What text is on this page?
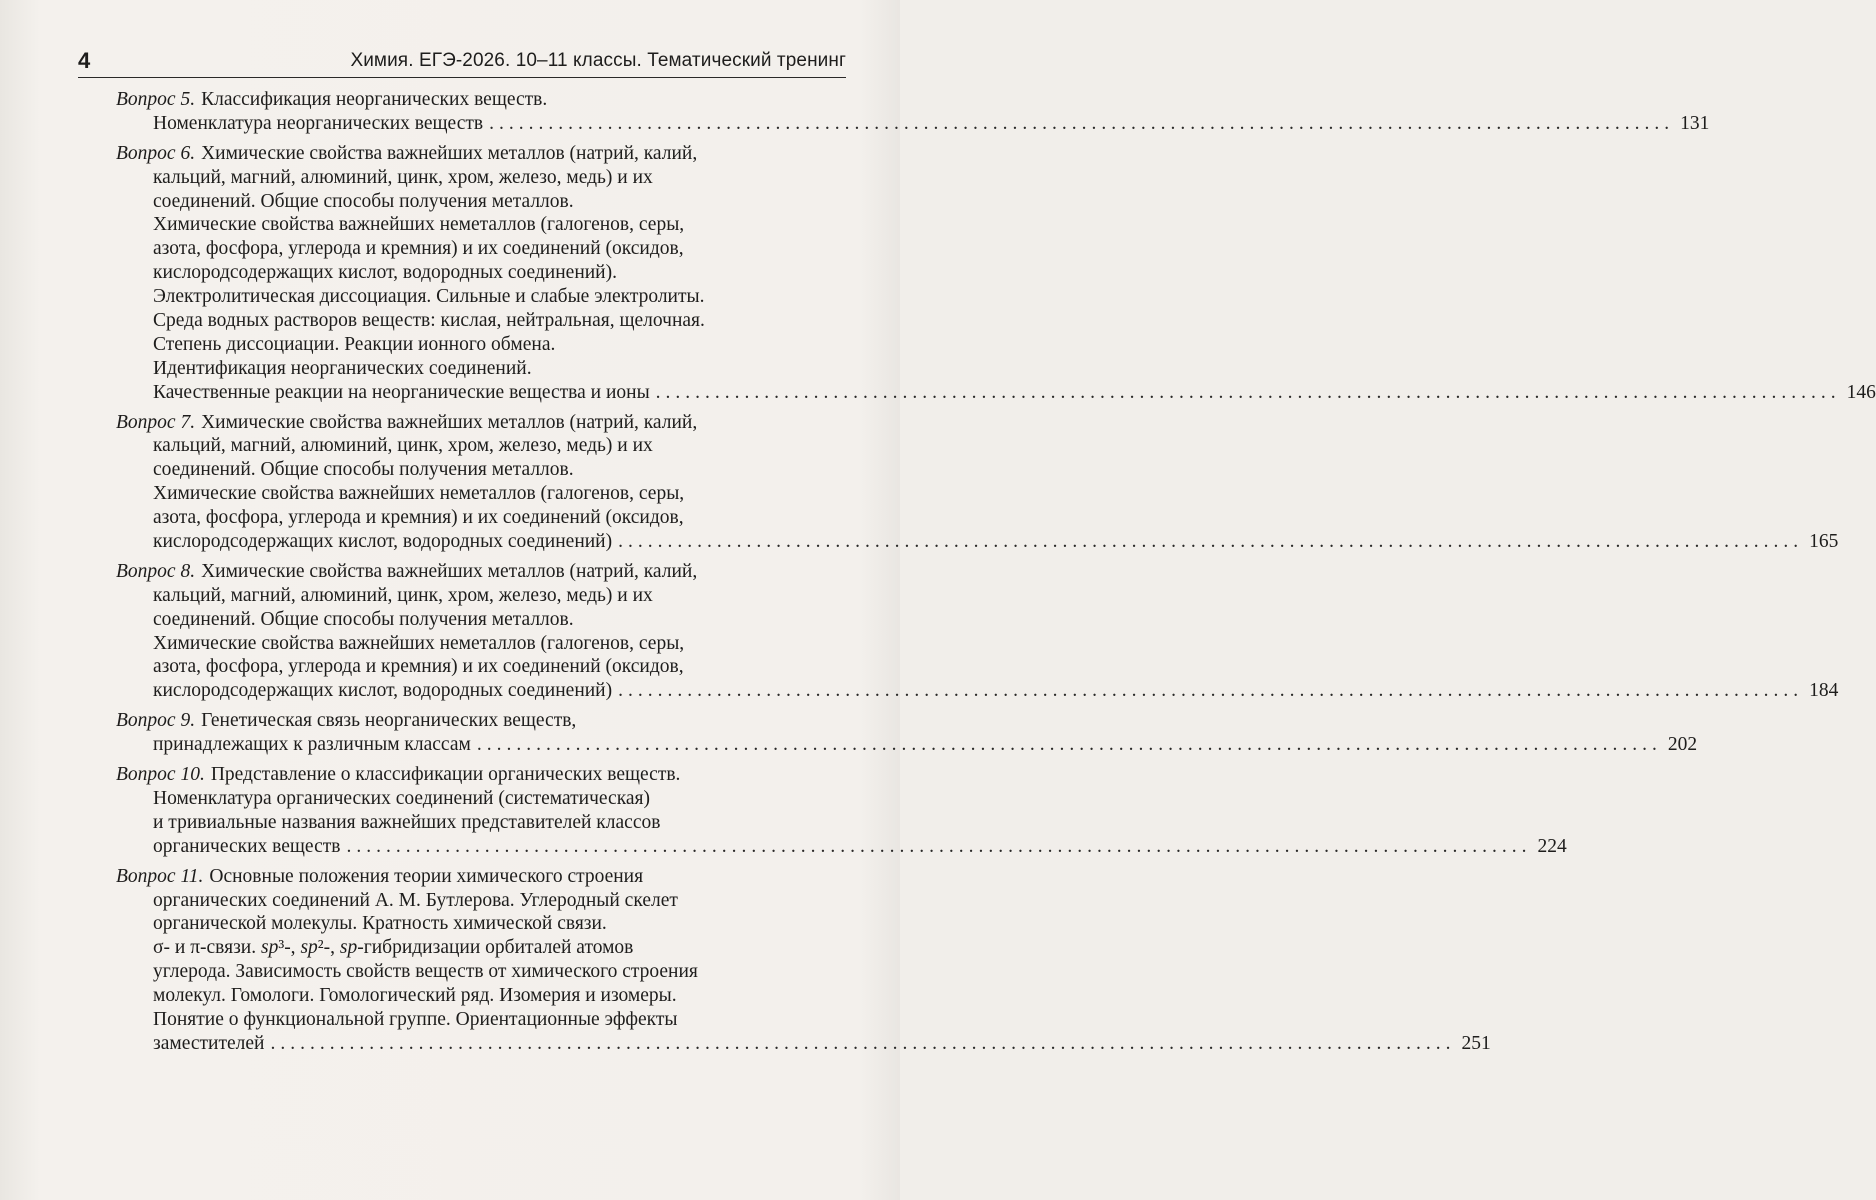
4	Химия. ЕГЭ-2026. 10–11 классы. Тематический тренинг
Вопрос 5. Классификация неорганических веществ.
Номенклатура неорганических веществ ........................................................................................................................ 131
Вопрос 6. Химические свойства важнейших металлов (натрий, калий,
кальций, магний, алюминий, цинк, хром, железо, медь) и их
соединений. Общие способы получения металлов.
Химические свойства важнейших неметаллов (галогенов, серы,
азота, фосфора, углерода и кремния) и их соединений (оксидов,
кислородсодержащих кислот, водородных соединений).
Электролитическая диссоциация. Сильные и слабые электролиты.
Среда водных растворов веществ: кислая, нейтральная, щелочная.
Степень диссоциации. Реакции ионного обмена.
Идентификация неорганических соединений.
Качественные реакции на неорганические вещества и ионы ........................................................................................................................ 146
Вопрос 7. Химические свойства важнейших металлов (натрий, калий,
кальций, магний, алюминий, цинк, хром, железо, медь) и их
соединений. Общие способы получения металлов.
Химические свойства важнейших неметаллов (галогенов, серы,
азота, фосфора, углерода и кремния) и их соединений (оксидов,
кислородсодержащих кислот, водородных соединений) ........................................................................................................................ 165
Вопрос 8. Химические свойства важнейших металлов (натрий, калий,
кальций, магний, алюминий, цинк, хром, железо, медь) и их
соединений. Общие способы получения металлов.
Химические свойства важнейших неметаллов (галогенов, серы,
азота, фосфора, углерода и кремния) и их соединений (оксидов,
кислородсодержащих кислот, водородных соединений) ........................................................................................................................ 184
Вопрос 9. Генетическая связь неорганических веществ,
принадлежащих к различным классам ........................................................................................................................ 202
Вопрос 10. Представление о классификации органических веществ.
Номенклатура органических соединений (систематическая)
и тривиальные названия важнейших представителей классов
органических веществ ........................................................................................................................ 224
Вопрос 11. Основные положения теории химического строения
органических соединений А. М. Бутлерова. Углеродный скелет
органической молекулы. Кратность химической связи.
σ- и π-связи. sp³-, sp²-, sp-гибридизации орбиталей атомов
углерода. Зависимость свойств веществ от химического строения
молекул. Гомологи. Гомологический ряд. Изомерия и изомеры.
Понятие о функциональной группе. Ориентационные эффекты
заместителей ........................................................................................................................ 251
